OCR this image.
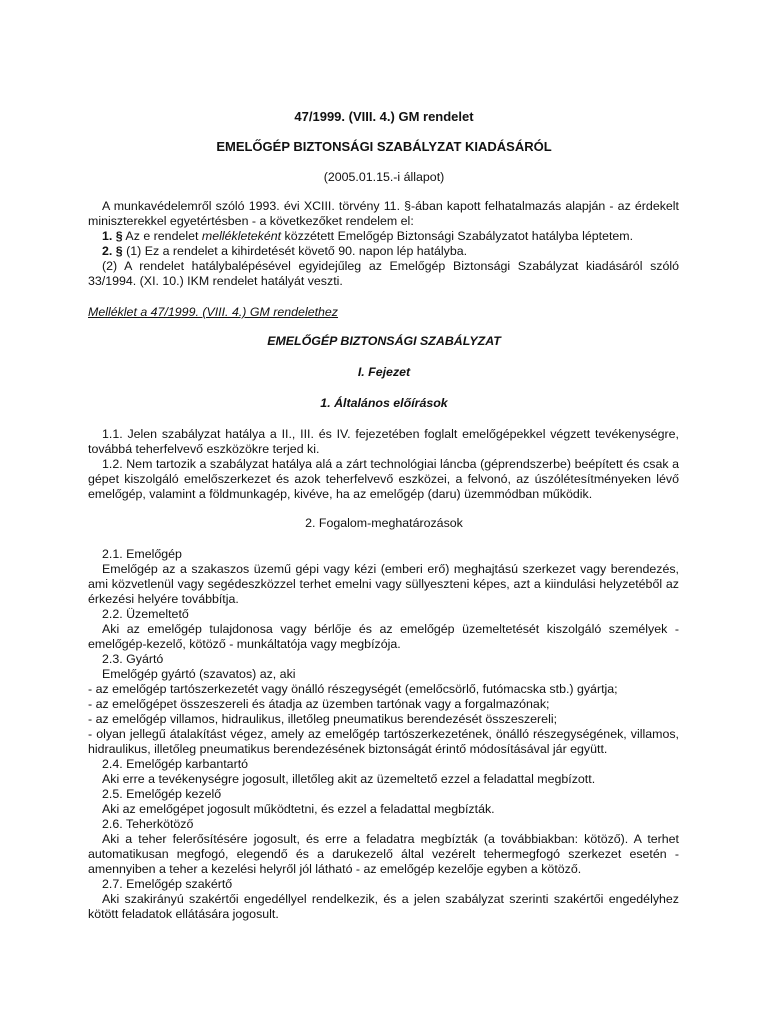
47/1999. (VIII. 4.) GM rendelet
EMELŐGÉP BIZTONSÁGI SZABÁLYZAT KIADÁSÁRÓL
(2005.01.15.-i állapot)

A munkavédelemről szóló 1993. évi XCIII. törvény 11. §-ában kapott felhatalmazás alapján - az érdekelt miniszterekkel egyetértésben - a következőket rendelem el:

1. § Az e rendelet mellékleteként közzétett Emelőgép Biztonsági Szabályzatot hatályba léptetem.

2. § (1) Ez a rendelet a kihirdetését követő 90. napon lép hatályba.

(2) A rendelet hatálybalépésével egyidejűleg az Emelőgép Biztonsági Szabályzat kiadásáról szóló 33/1994. (XI. 10.) IKM rendelet hatályát veszti.

Melléklet a 47/1999. (VIII. 4.) GM rendelethez
EMELŐGÉP BIZTONSÁGI SZABÁLYZAT
I. Fejezet
1. Általános előírások

1.1. Jelen szabályzat hatálya a II., III. és IV. fejezetében foglalt emelőgépekkel végzett tevékenységre, továbbá teherfelvevő eszközökre terjed ki.

1.2. Nem tartozik a szabályzat hatálya alá a zárt technológiai láncba (géprendszerbe) beépített és csak a gépet kiszolgáló emelőszerkezet és azok teherfelvevő eszközei, a felvonó, az úszólétesítményeken lévő emelőgép, valamint a földmunkagép, kivéve, ha az emelőgép (daru) üzemmódban működik.

2. Fogalom-meghatározások

2.1. Emelőgép

Emelőgép az a szakaszos üzemű gépi vagy kézi (emberi erő) meghajtású szerkezet vagy berendezés, ami közvetlenül vagy segédeszközzel terhet emelni vagy süllyeszteni képes, azt a kiindulási helyzetéből az érkezési helyére továbbítja.

2.2. Üzemeltető

Aki az emelőgép tulajdonosa vagy bérlője és az emelőgép üzemeltetését kiszolgáló személyek - emelőgép-kezelő, kötöző - munkáltatója vagy megbízója.

2.3. Gyártó

Emelőgép gyártó (szavatos) az, aki

- az emelőgép tartószerkezetét vagy önálló részegységét (emelőcsörlő, futómacska stb.) gyártja;

- az emelőgépet összeszereli és átadja az üzemben tartónak vagy a forgalmazónak;

- az emelőgép villamos, hidraulikus, illetőleg pneumatikus berendezését összeszereli;

- olyan jellegű átalakítást végez, amely az emelőgép tartószerkezetének, önálló részegységének, villamos, hidraulikus, illetőleg pneumatikus berendezésének biztonságát érintő módosításával jár együtt.

2.4. Emelőgép karbantartó

Aki erre a tevékenységre jogosult, illetőleg akit az üzemeltető ezzel a feladattal megbízott.

2.5. Emelőgép kezelő

Aki az emelőgépet jogosult működtetni, és ezzel a feladattal megbízták.

2.6. Teherkötöző

Aki a teher felerősítésére jogosult, és erre a feladatra megbízták (a továbbiakban: kötöző). A terhet automatikusan megfogó, elegendő és a darukezelő által vezérelt tehermegfogó szerkezet esetén - amennyiben a teher a kezelési helyről jól látható - az emelőgép kezelője egyben a kötöző.

2.7. Emelőgép szakértő

Aki szakirányú szakértői engedéllyel rendelkezik, és a jelen szabályzat szerinti szakértői engedélyhez kötött feladatok ellátására jogosult.
